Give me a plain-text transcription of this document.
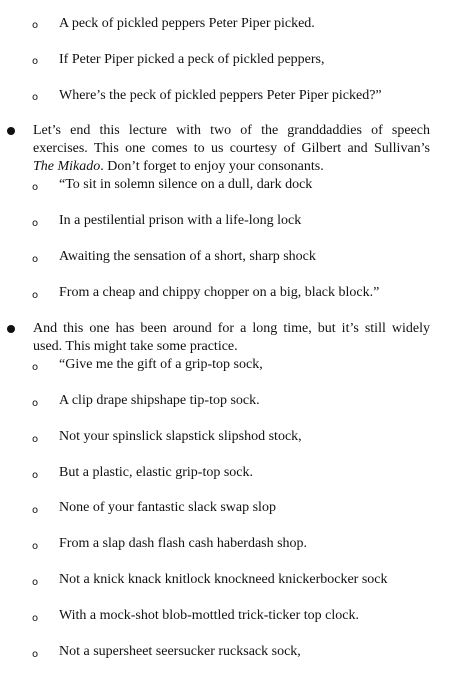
o A peck of pickled peppers Peter Piper picked.
o If Peter Piper picked a peck of pickled peppers,
o Where’s the peck of pickled peppers Peter Piper picked?”
Let’s end this lecture with two of the granddaddies of speech
exercises. This one comes to us courtesy of Gilbert and Sullivan’s
The Mikado. Don’t forget to enjoy your consonants.
o “To sit in solemn silence on a dull, dark dock
o In a pestilential prison with a life-long lock
o Awaiting the sensation of a short, sharp shock
o From a cheap and chippy chopper on a big, black block.”
And this one has been around for a long time, but it’s still widely
used. This might take some practice.
o “Give me the gift of a grip-top sock,
o A clip drape shipshape tip-top sock.
o Not your spinslick slapstick slipshod stock,
o But a plastic, elastic grip-top sock.
o None of your fantastic slack swap slop
o From a slap dash flash cash haberdash shop.
o Not a knick knack knitlock knockneed knickerbocker sock
o With a mock-shot blob-mottled trick-ticker top clock.
o Not a supersheet seersucker rucksack sock,
